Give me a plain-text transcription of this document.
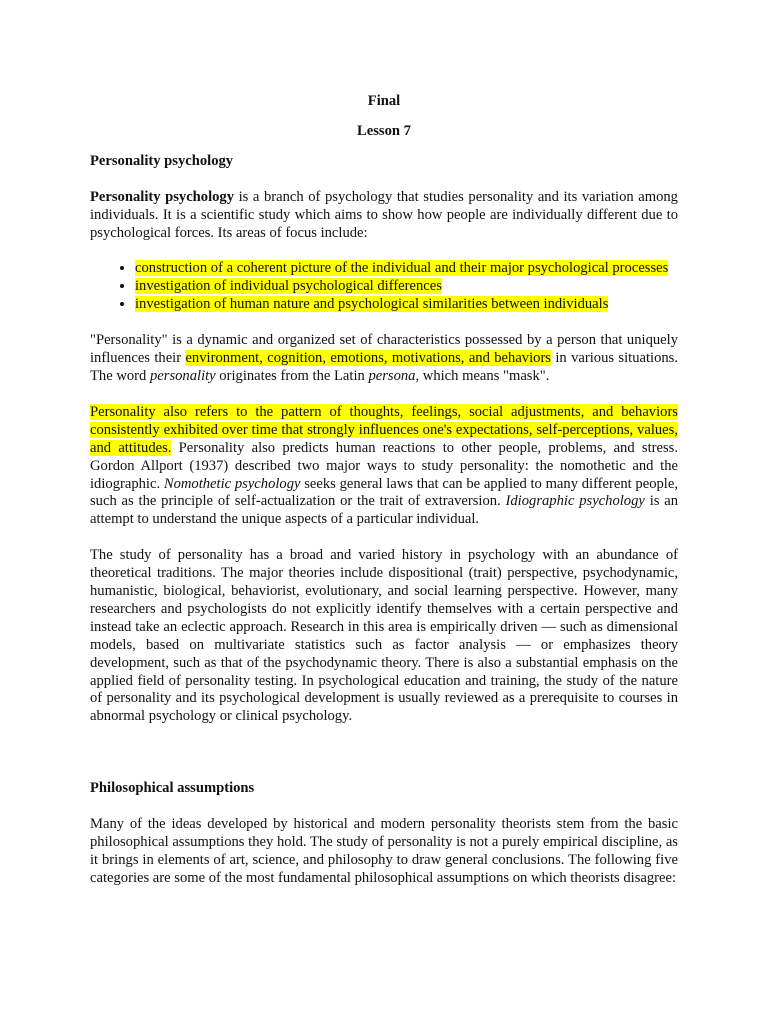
Final

Lesson 7

Personality psychology

Personality psychology is a branch of psychology that studies personality and its variation among individuals. It is a scientific study which aims to show how people are individually different due to psychological forces. Its areas of focus include:

• construction of a coherent picture of the individual and their major psychological processes
• investigation of individual psychological differences
• investigation of human nature and psychological similarities between individuals

"Personality" is a dynamic and organized set of characteristics possessed by a person that uniquely influences their environment, cognition, emotions, motivations, and behaviors in various situations. The word personality originates from the Latin persona, which means "mask".

Personality also refers to the pattern of thoughts, feelings, social adjustments, and behaviors consistently exhibited over time that strongly influences one's expectations, self-perceptions, values, and attitudes. Personality also predicts human reactions to other people, problems, and stress. Gordon Allport (1937) described two major ways to study personality: the nomothetic and the idiographic. Nomothetic psychology seeks general laws that can be applied to many different people, such as the principle of self-actualization or the trait of extraversion. Idiographic psychology is an attempt to understand the unique aspects of a particular individual.

The study of personality has a broad and varied history in psychology with an abundance of theoretical traditions. The major theories include dispositional (trait) perspective, psychodynamic, humanistic, biological, behaviorist, evolutionary, and social learning perspective. However, many researchers and psychologists do not explicitly identify themselves with a certain perspective and instead take an eclectic approach. Research in this area is empirically driven — such as dimensional models, based on multivariate statistics such as factor analysis — or emphasizes theory development, such as that of the psychodynamic theory. There is also a substantial emphasis on the applied field of personality testing. In psychological education and training, the study of the nature of personality and its psychological development is usually reviewed as a prerequisite to courses in abnormal psychology or clinical psychology.

Philosophical assumptions

Many of the ideas developed by historical and modern personality theorists stem from the basic philosophical assumptions they hold. The study of personality is not a purely empirical discipline, as it brings in elements of art, science, and philosophy to draw general conclusions. The following five categories are some of the most fundamental philosophical assumptions on which theorists disagree:
